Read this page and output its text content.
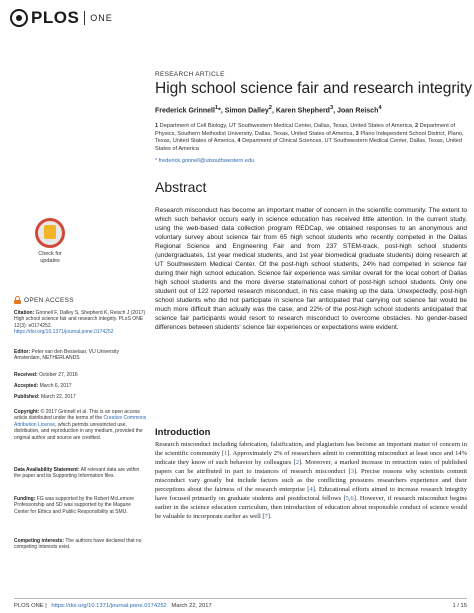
PLOS ONE
RESEARCH ARTICLE
High school science fair and research integrity
Frederick Grinnell$^1$*, Simon Dalley$^2$, Karen Shepherd$^3$, Joan Reisch$^4$
1 Department of Cell Biology, UT Southwestern Medical Center, Dallas, Texas, United States of America, 2 Department of Physics, Southern Methodist University, Dallas, Texas, United States of America, 3 Plano Independent School District, Plano, Texas, United States of America, 4 Department of Clinical Sciences, UT Southwestern Medical Center, Dallas, Texas, United States of America
* frederick.grinnell@utsouthwestern.edu
Abstract
Research misconduct has become an important matter of concern in the scientific community. The extent to which such behavior occurs early in science education has received little attention. In the current study, using the web-based data collection program REDCap, we obtained responses to an anonymous and voluntary survey about science fair from 65 high school students who recently competed in the Dallas Regional Science and Engineering Fair and from 237 STEM-track, post-high school students (undergraduates, 1st year medical students, and 1st year biomedical graduate students) doing research at UT Southwestern Medical Center. Of the post-high school students, 24% had competed in science fair during their high school education. Science fair experience was similar overall for the local cohort of Dallas high school students and the more diverse state/national cohort of post-high school students. Only one student out of 122 reported research misconduct, in his case making up the data. Unexpectedly, post-high school students who did not participate in science fair anticipated that carrying out science fair would be much more difficult than actually was the case, and 22% of the post-high school students anticipated that science fair participants would resort to research misconduct to overcome obstacles. No gender-based differences between students' science fair experiences or expectations were evident.
Check for
updates
OPEN ACCESS
Citation: Grinnell F, Dalley S, Shepherd K, Reisch J (2017) High school science fair and research integrity. PLoS ONE 12(3): e0174252. https://doi.org/10.1371/journal.pone.0174252
Editor: Peter van den Besselaar, VU University Amsterdam, NETHERLANDS
Received: October 27, 2016
Accepted: March 6, 2017
Published: March 22, 2017
Copyright: © 2017 Grinnell et al. This is an open access article distributed under the terms of the Creative Commons Attribution License, which permits unrestricted use, distribution, and reproduction in any medium, provided the original author and source are credited.
Data Availability Statement: All relevant data are within the paper and its Supporting Information files.
Funding: FG was supported by the Robert McLemore Professorship and SD was supported by the Maguire Center for Ethics and Public Responsibility at SMU.
Competing interests: The authors have declared that no competing interests exist.
Introduction
Research misconduct including fabrication, falsification, and plagiarism has become an important matter of concern in the scientific community [1]. Approximately 2% of researchers admit to committing misconduct at least once and 14% indicate they know of such behavior by colleagues [2]. Moreover, a marked increase in retraction rates of published papers can be attributed in part to instances of research misconduct [3]. Precise reasons why scientists commit misconduct vary greatly but include factors such as the conflicting pressures researchers experience and their perceptions about the fairness of the research enterprise [4]. Educational efforts aimed to increase research integrity have focused primarily on graduate students and postdoctoral fellows [5,6]. However, if research misconduct begins earlier in the science education curriculum, then introduction of education about responsible conduct of science would be valuable to incorporate earlier as well [7].
PLOS ONE | https://doi.org/10.1371/journal.pone.0174252 March 22, 2017	1 / 15
